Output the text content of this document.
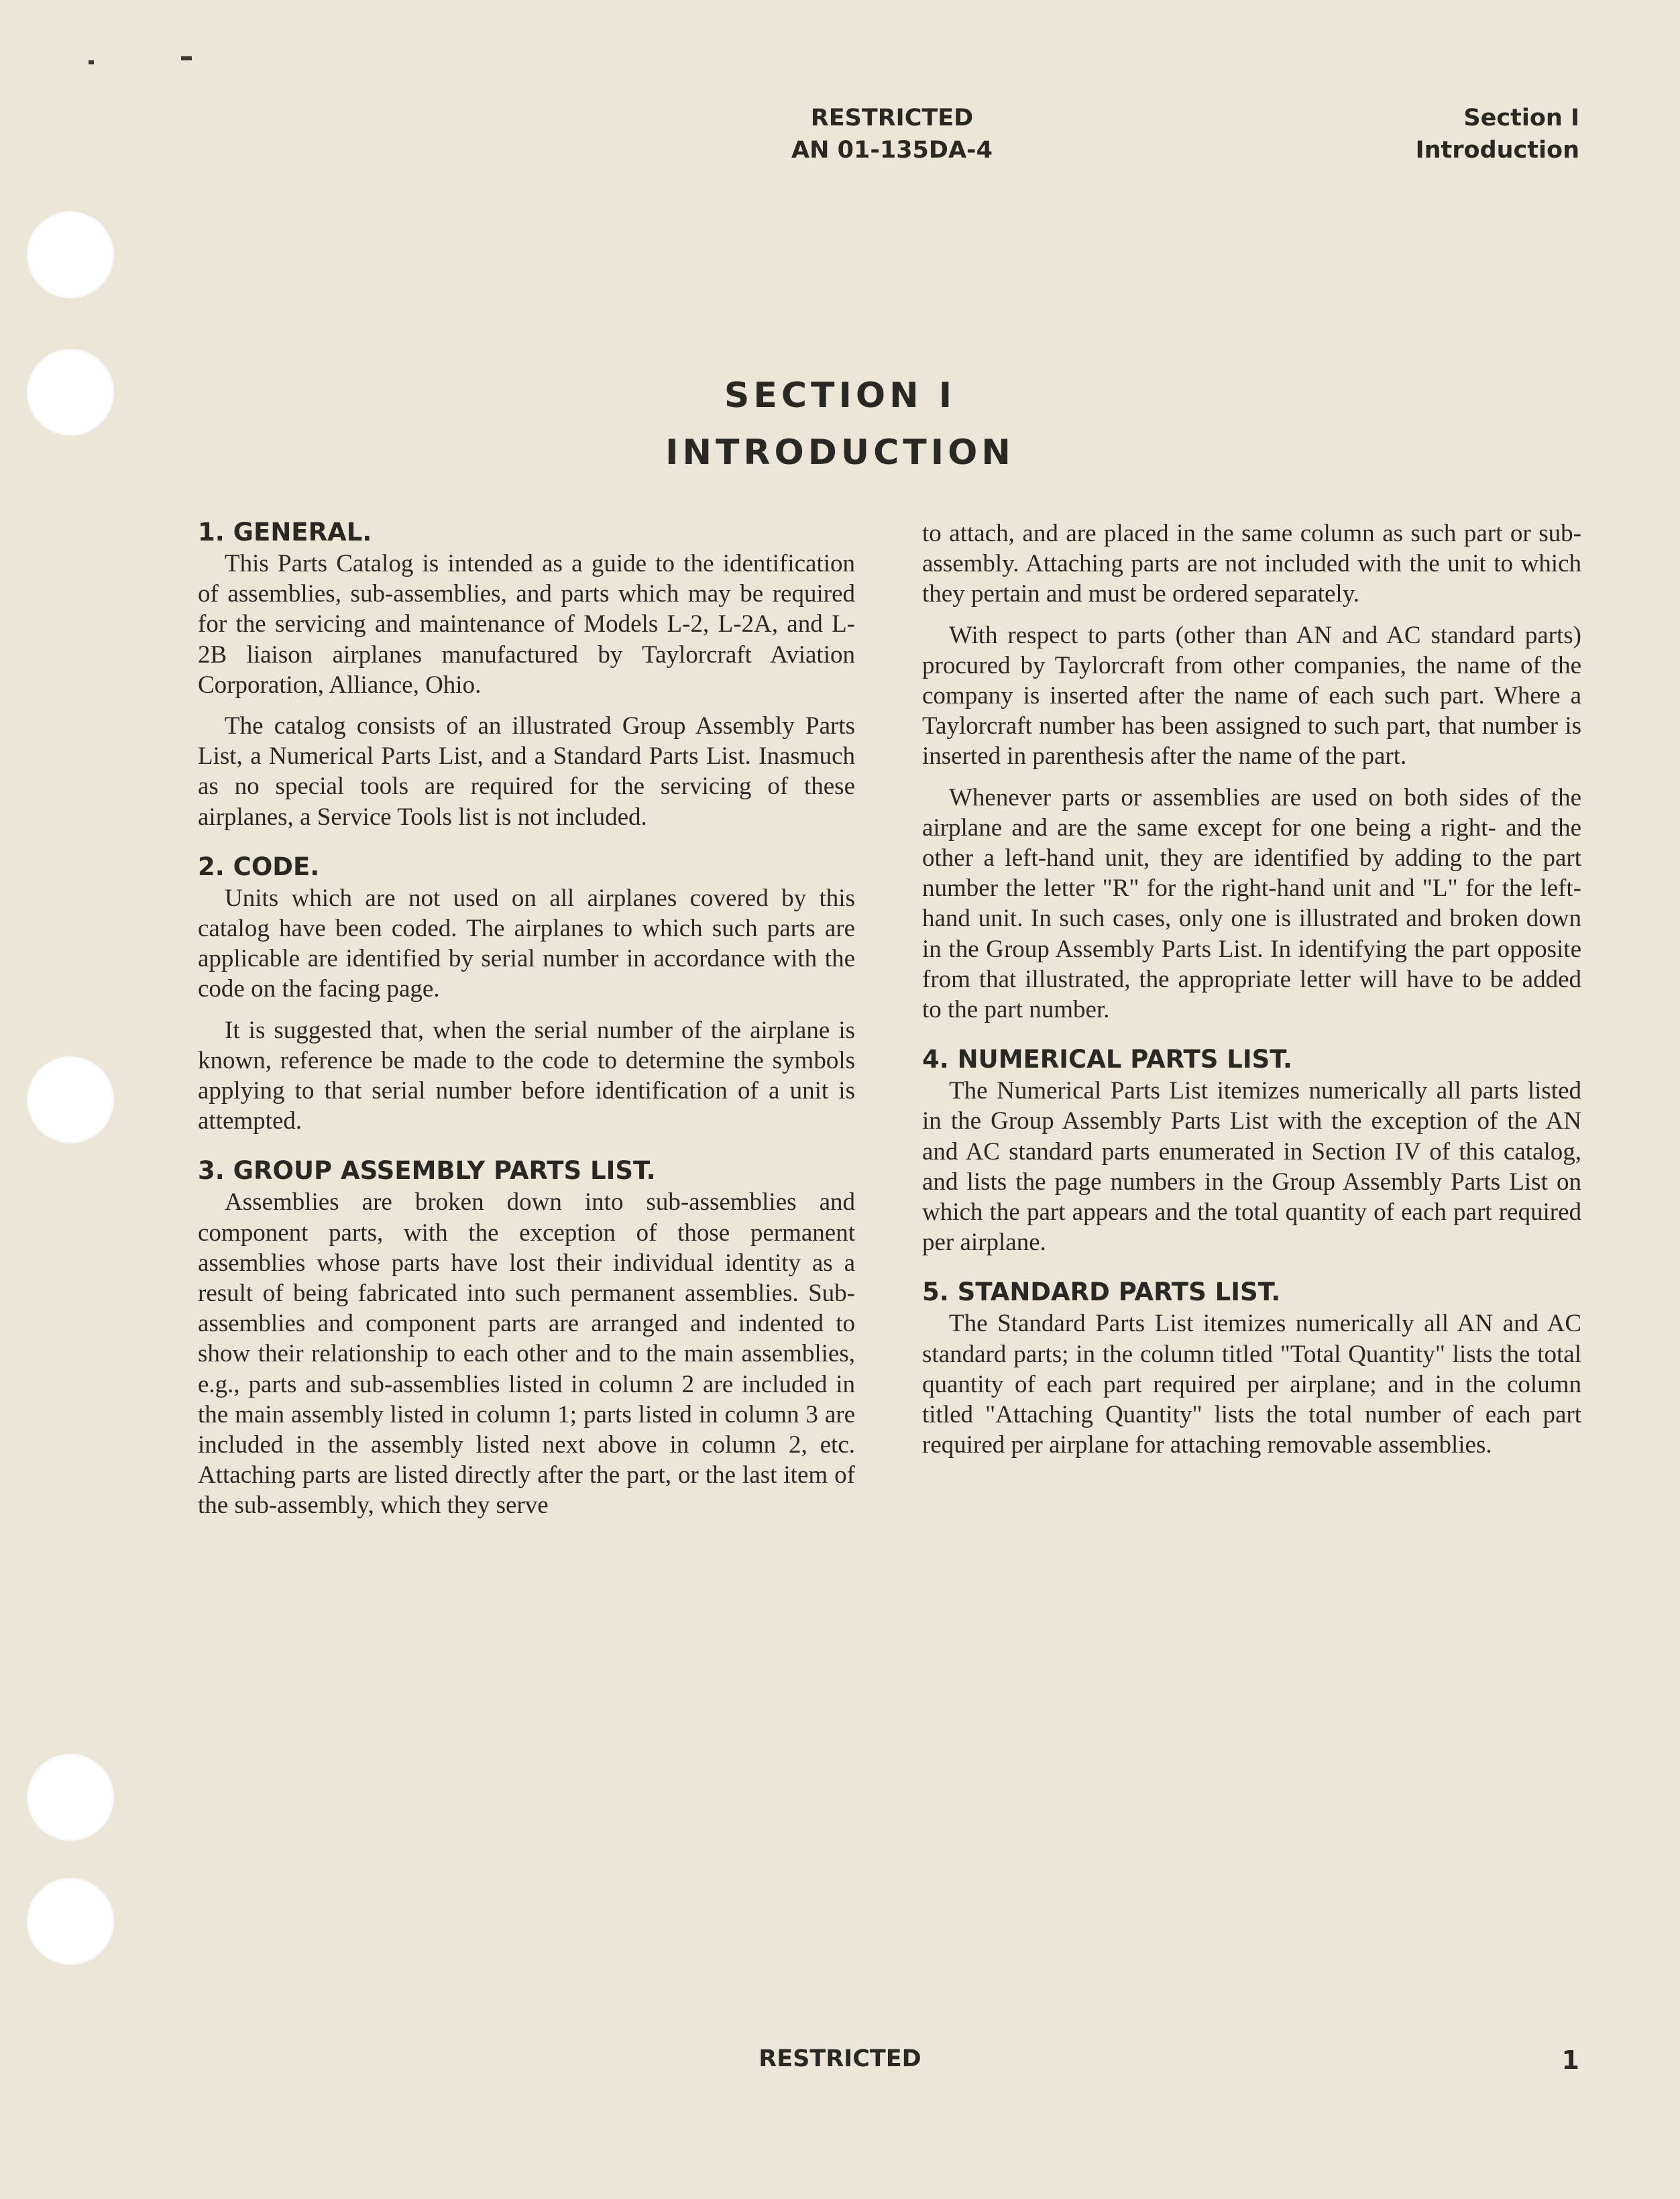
RESTRICTED
AN 01-135DA-4
Section I
Introduction
SECTION I
INTRODUCTION
1. GENERAL.

This Parts Catalog is intended as a guide to the identification of assemblies, sub-assemblies, and parts which may be required for the servicing and maintenance of Models L-2, L-2A, and L-2B liaison airplanes manufactured by Taylorcraft Aviation Corporation, Alliance, Ohio.

The catalog consists of an illustrated Group Assembly Parts List, a Numerical Parts List, and a Standard Parts List. Inasmuch as no special tools are required for the servicing of these airplanes, a Service Tools list is not included.

2. CODE.

Units which are not used on all airplanes covered by this catalog have been coded. The airplanes to which such parts are applicable are identified by serial number in accordance with the code on the facing page.

It is suggested that, when the serial number of the airplane is known, reference be made to the code to determine the symbols applying to that serial number before identification of a unit is attempted.

3. GROUP ASSEMBLY PARTS LIST.

Assemblies are broken down into sub-assemblies and component parts, with the exception of those permanent assemblies whose parts have lost their individual identity as a result of being fabricated into such permanent assemblies. Sub-assemblies and component parts are arranged and indented to show their relationship to each other and to the main assemblies, e.g., parts and sub-assemblies listed in column 2 are included in the main assembly listed in column 1; parts listed in column 3 are included in the assembly listed next above in column 2, etc. Attaching parts are listed directly after the part, or the last item of the sub-assembly, which they serve

to attach, and are placed in the same column as such part or sub-assembly. Attaching parts are not included with the unit to which they pertain and must be ordered separately.

With respect to parts (other than AN and AC standard parts) procured by Taylorcraft from other companies, the name of the company is inserted after the name of each such part. Where a Taylorcraft number has been assigned to such part, that number is inserted in parenthesis after the name of the part.

Whenever parts or assemblies are used on both sides of the airplane and are the same except for one being a right- and the other a left-hand unit, they are identified by adding to the part number the letter "R" for the right-hand unit and "L" for the left-hand unit. In such cases, only one is illustrated and broken down in the Group Assembly Parts List. In identifying the part opposite from that illustrated, the appropriate letter will have to be added to the part number.

4. NUMERICAL PARTS LIST.

The Numerical Parts List itemizes numerically all parts listed in the Group Assembly Parts List with the exception of the AN and AC standard parts enumerated in Section IV of this catalog, and lists the page numbers in the Group Assembly Parts List on which the part appears and the total quantity of each part required per airplane.

5. STANDARD PARTS LIST.

The Standard Parts List itemizes numerically all AN and AC standard parts; in the column titled "Total Quantity" lists the total quantity of each part required per airplane; and in the column titled "Attaching Quantity" lists the total number of each part required per airplane for attaching removable assemblies.

RESTRICTED	1
